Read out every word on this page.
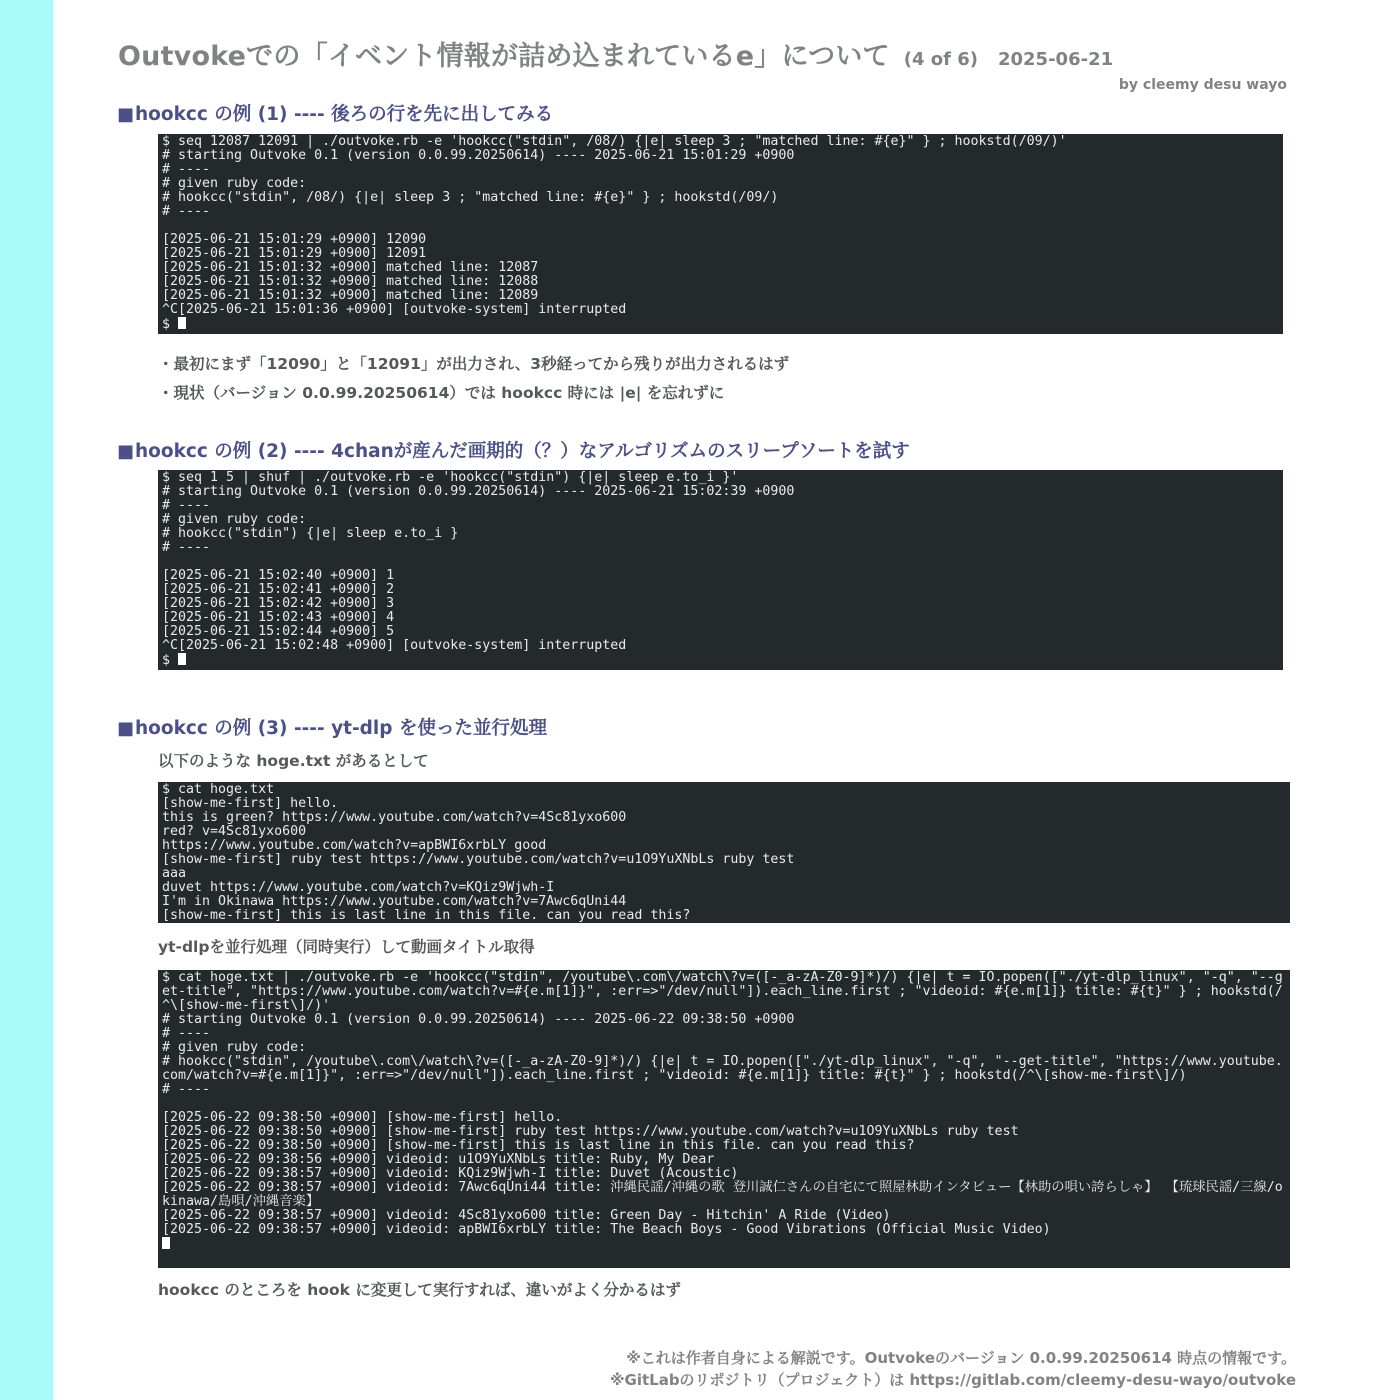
Outvokeでの「イベント情報が詰め込まれているe」について (4 of 6) 2025-06-21
by cleemy desu wayo
■hookcc の例 (1) ---- 後ろの行を先に出してみる
$ seq 12087 12091 | ./outvoke.rb -e 'hookcc("stdin", /08/) {|e| sleep 3 ; "matched line: #{e}" } ; hookstd(/09/)'
# starting Outvoke 0.1 (version 0.0.99.20250614) ---- 2025-06-21 15:01:29 +0900
# ----
# given ruby code:
# hookcc("stdin", /08/) {|e| sleep 3 ; "matched line: #{e}" } ; hookstd(/09/)
# ----
[2025-06-21 15:01:29 +0900] 12090
[2025-06-21 15:01:29 +0900] 12091
[2025-06-21 15:01:32 +0900] matched line: 12087
[2025-06-21 15:01:32 +0900] matched line: 12088
[2025-06-21 15:01:32 +0900] matched line: 12089
^C[2025-06-21 15:01:36 +0900] [outvoke-system] interrupted
$
・最初にまず「12090」と「12091」が出力され、3秒経ってから残りが出力されるはず
・現状（バージョン 0.0.99.20250614）では hookcc 時には |e| を忘れずに
■hookcc の例 (2) ---- 4chanが産んだ画期的（？）なアルゴリズムのスリープソートを試す
$ seq 1 5 | shuf | ./outvoke.rb -e 'hookcc("stdin") {|e| sleep e.to_i }'
# starting Outvoke 0.1 (version 0.0.99.20250614) ---- 2025-06-21 15:02:39 +0900
# ----
# given ruby code:
# hookcc("stdin") {|e| sleep e.to_i }
# ----
[2025-06-21 15:02:40 +0900] 1
[2025-06-21 15:02:41 +0900] 2
[2025-06-21 15:02:42 +0900] 3
[2025-06-21 15:02:43 +0900] 4
[2025-06-21 15:02:44 +0900] 5
^C[2025-06-21 15:02:48 +0900] [outvoke-system] interrupted
$
■hookcc の例 (3) ---- yt-dlp を使った並行処理
以下のような hoge.txt があるとして
$ cat hoge.txt
[show-me-first] hello.
this is green? https://www.youtube.com/watch?v=4Sc81yxo600
red? v=4Sc81yxo600
https://www.youtube.com/watch?v=apBWI6xrbLY good
[show-me-first] ruby test https://www.youtube.com/watch?v=u1O9YuXNbLs ruby test
aaa
duvet https://www.youtube.com/watch?v=KQiz9Wjwh-I
I'm in Okinawa https://www.youtube.com/watch?v=7Awc6qUni44
[show-me-first] this is last line in this file. can you read this?
yt-dlpを並行処理（同時実行）して動画タイトル取得
$ cat hoge.txt | ./outvoke.rb -e 'hookcc("stdin", /youtube\.com\/watch\?v=([-_a-zA-Z0-9]*)/) {|e| t = IO.popen(["./yt-dlp_linux", "-q", "--get-title", "https://www.youtube.com/watch?v=#{e.m[1]}", :err=>"/dev/null"]).each_line.first ; "videoid: #{e.m[1]} title: #{t}" } ; hookstd(/^\[show-me-first\]/)'
# starting Outvoke 0.1 (version 0.0.99.20250614) ---- 2025-06-22 09:38:50 +0900
# ----
# given ruby code:
# hookcc("stdin", /youtube\.com\/watch\?v=([-_a-zA-Z0-9]*)/) {|e| t = IO.popen(["./yt-dlp_linux", "-q", "--get-title", "https://www.youtube.com/watch?v=#{e.m[1]}", :err=>"/dev/null"]).each_line.first ; "videoid: #{e.m[1]} title: #{t}" } ; hookstd(/^\[show-me-first\]/)
# ----
[2025-06-22 09:38:50 +0900] [show-me-first] hello.
[2025-06-22 09:38:50 +0900] [show-me-first] ruby test https://www.youtube.com/watch?v=u1O9YuXNbLs ruby test
[2025-06-22 09:38:50 +0900] [show-me-first] this is last line in this file. can you read this?
[2025-06-22 09:38:56 +0900] videoid: u1O9YuXNbLs title: Ruby, My Dear
[2025-06-22 09:38:57 +0900] videoid: KQiz9Wjwh-I title: Duvet (Acoustic)
[2025-06-22 09:38:57 +0900] videoid: 7Awc6qUni44 title: 沖縄民謡/沖縄の歌 登川誠仁さんの自宅にて照屋林助インタビュー【林助の唄い誇らしゃ】 【琉球民謡/三線/okinawa/島唄/沖縄音楽】
[2025-06-22 09:38:57 +0900] videoid: 4Sc81yxo600 title: Green Day - Hitchin' A Ride (Video)
[2025-06-22 09:38:57 +0900] videoid: apBWI6xrbLY title: The Beach Boys - Good Vibrations (Official Music Video)
hookcc のところを hook に変更して実行すれば、違いがよく分かるはず
※これは作者自身による解説です。Outvokeのバージョン 0.0.99.20250614 時点の情報です。
※GitLabのリポジトリ（プロジェクト）は https://gitlab.com/cleemy-desu-wayo/outvoke
